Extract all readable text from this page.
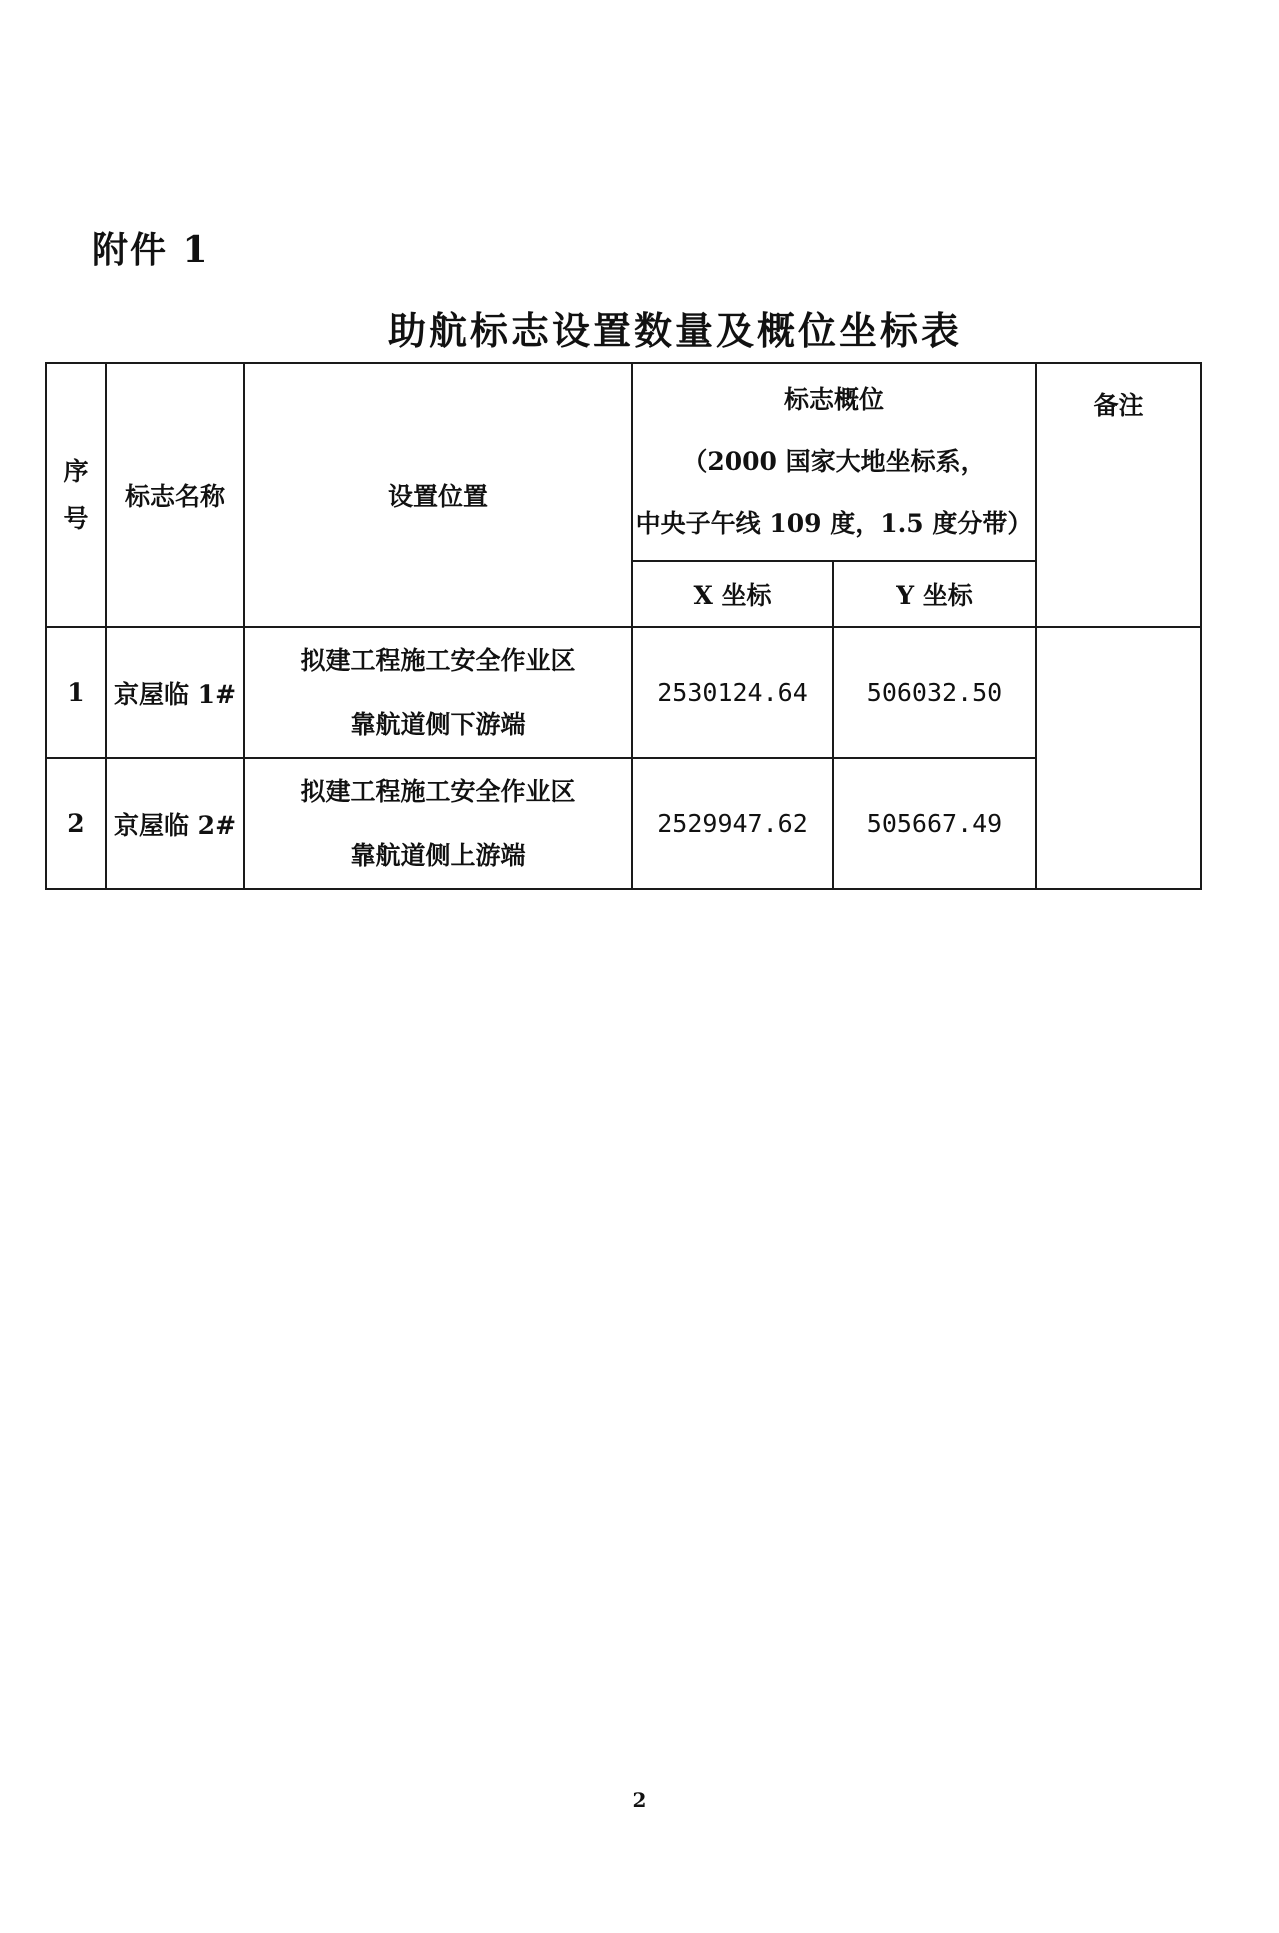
附件 1
助航标志设置数量及概位坐标表
序号	标志名称	设置位置	标志概位
（2000 国家大地坐标系，
中央子午线 109 度，1.5 度分带）		备注
			X 坐标	Y 坐标	
1	京屋临 1#	拟建工程施工安全作业区
靠航道侧下游端	2530124.64	506032.50	
2	京屋临 2#	拟建工程施工安全作业区
靠航道侧上游端	2529947.62	505667.49	
2
